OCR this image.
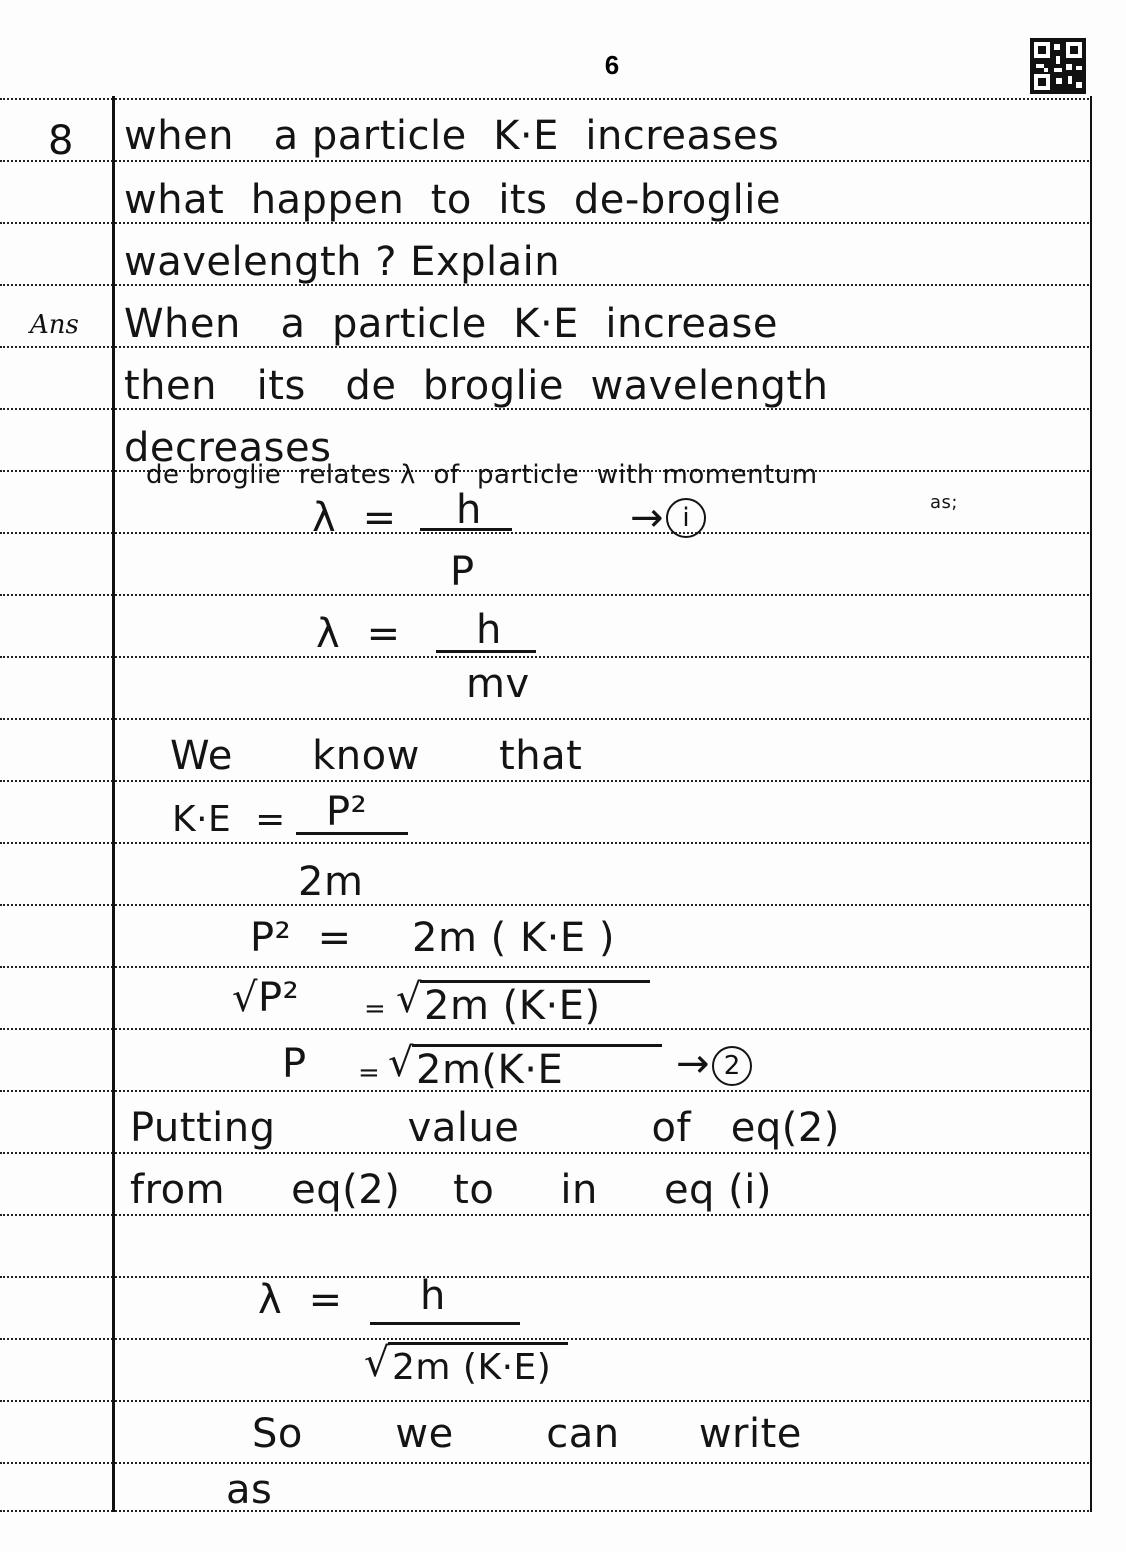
6
8
Ans
when   a particle  K·E  increases
what  happen  to  its  de-broglie
wavelength ? Explain
When   a  particle  K·E  increase
then   its   de  broglie  wavelength
decreases
de broglie  relates λ  of  particle  with momentum
as;
λ  = h
P
→ i
λ  = h
mv
We      know      that
K·E  = P²
2m
P²  = 2m ( K·E )
√P² = √ 2m (K·E)
P = √ 2m(K·E	→ 2
Putting          value          of   eq(2)
from     eq(2)    to     in     eq (i)
λ  = h
√ 2m (K·E)
So       we       can      write
as
